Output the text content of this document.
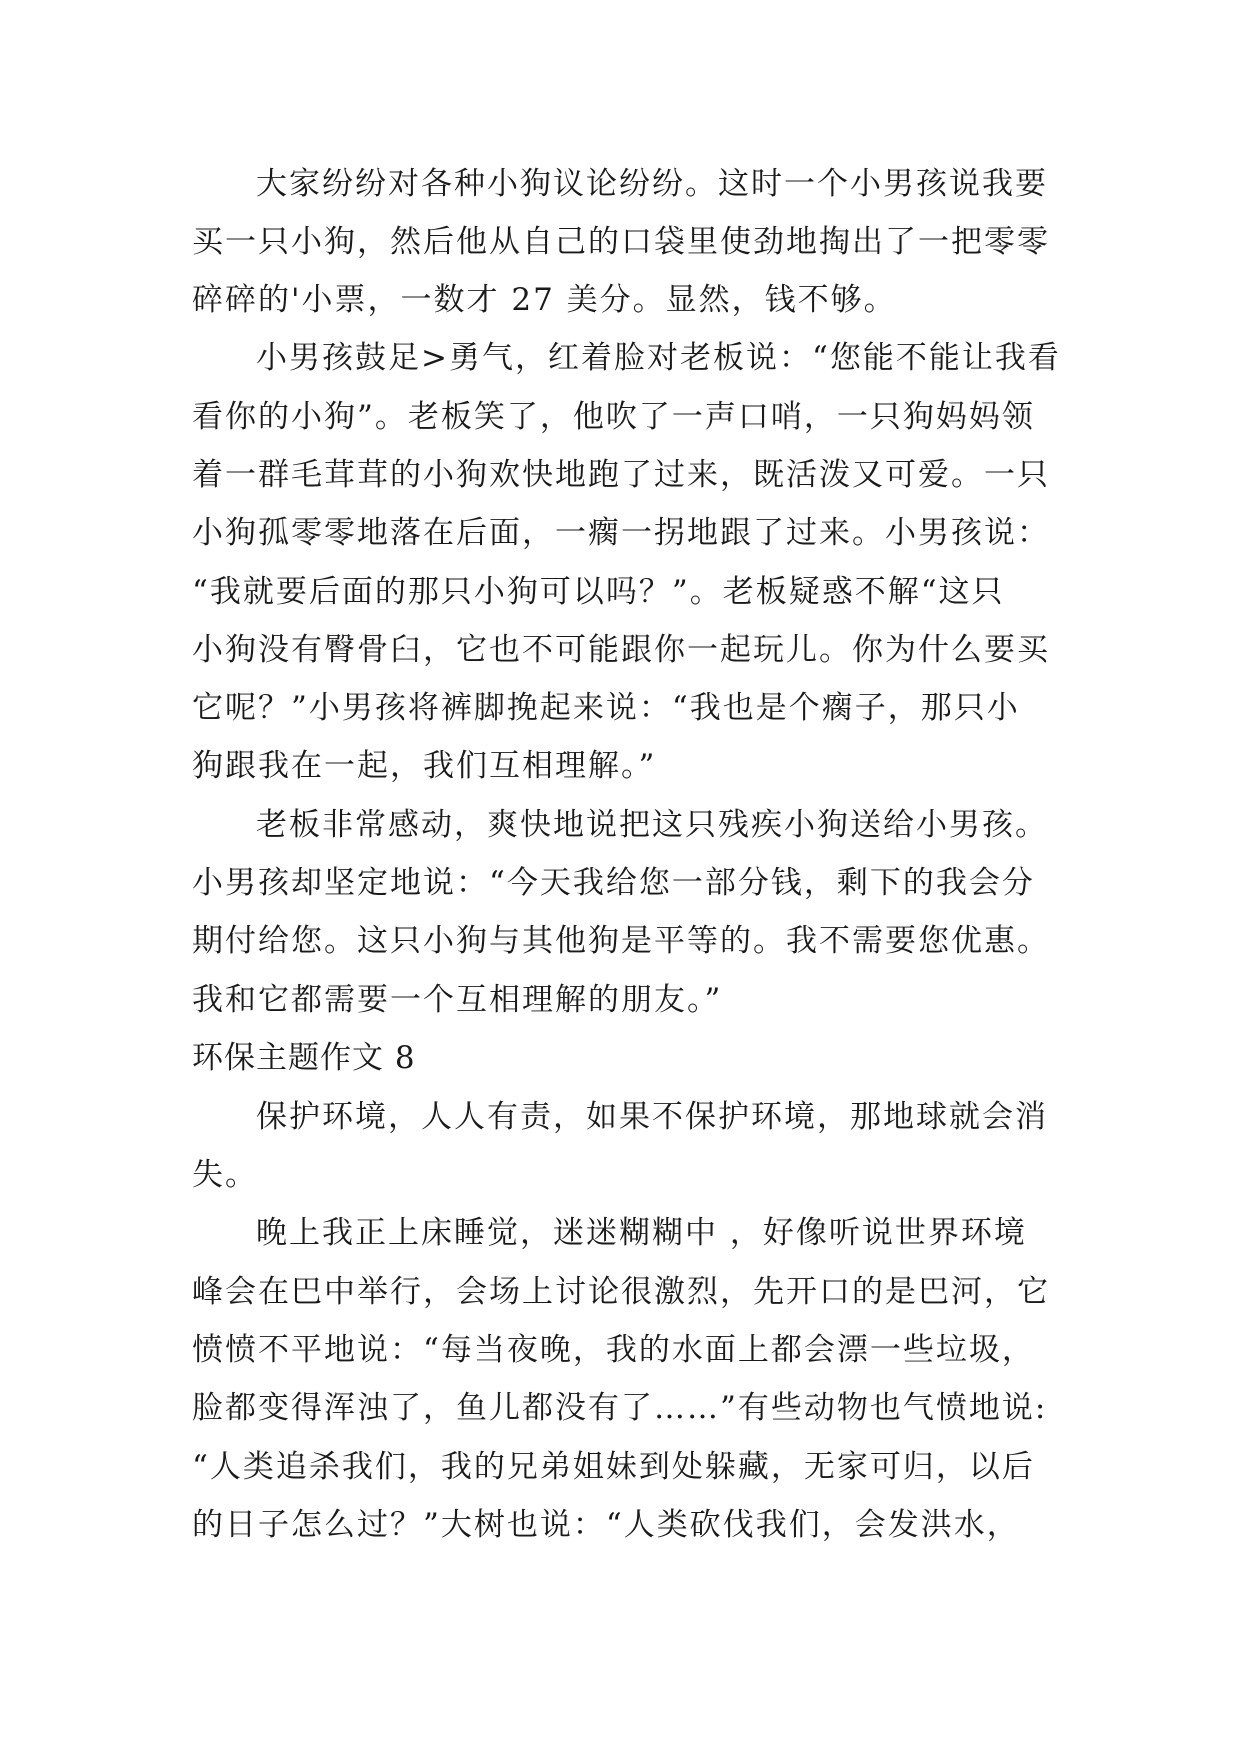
大家纷纷对各种小狗议论纷纷。这时一个小男孩说我要
买一只小狗，然后他从自己的口袋里使劲地掏出了一把零零
碎碎的'小票，一数才 27 美分。显然，钱不够。
小男孩鼓足>勇气，红着脸对老板说：“您能不能让我看
看你的小狗”。老板笑了，他吹了一声口哨，一只狗妈妈领
着一群毛茸茸的小狗欢快地跑了过来，既活泼又可爱。一只
小狗孤零零地落在后面，一瘸一拐地跟了过来。小男孩说：
“我就要后面的那只小狗可以吗？”。老板疑惑不解“这只
小狗没有臀骨臼，它也不可能跟你一起玩儿。你为什么要买
它呢？”小男孩将裤脚挽起来说：“我也是个瘸子，那只小
狗跟我在一起，我们互相理解。”
老板非常感动，爽快地说把这只残疾小狗送给小男孩。
小男孩却坚定地说：“今天我给您一部分钱，剩下的我会分
期付给您。这只小狗与其他狗是平等的。我不需要您优惠。
我和它都需要一个互相理解的朋友。”
环保主题作文 8
保护环境，人人有责，如果不保护环境，那地球就会消
失。
晚上我正上床睡觉，迷迷糊糊中 ，好像听说世界环境
峰会在巴中举行，会场上讨论很激烈，先开口的是巴河，它
愤愤不平地说：“每当夜晚，我的水面上都会漂一些垃圾，
脸都变得浑浊了，鱼儿都没有了……”有些动物也气愤地说:
“人类追杀我们，我的兄弟姐妹到处躲藏，无家可归，以后
的日子怎么过？”大树也说：“人类砍伐我们，会发洪水，
